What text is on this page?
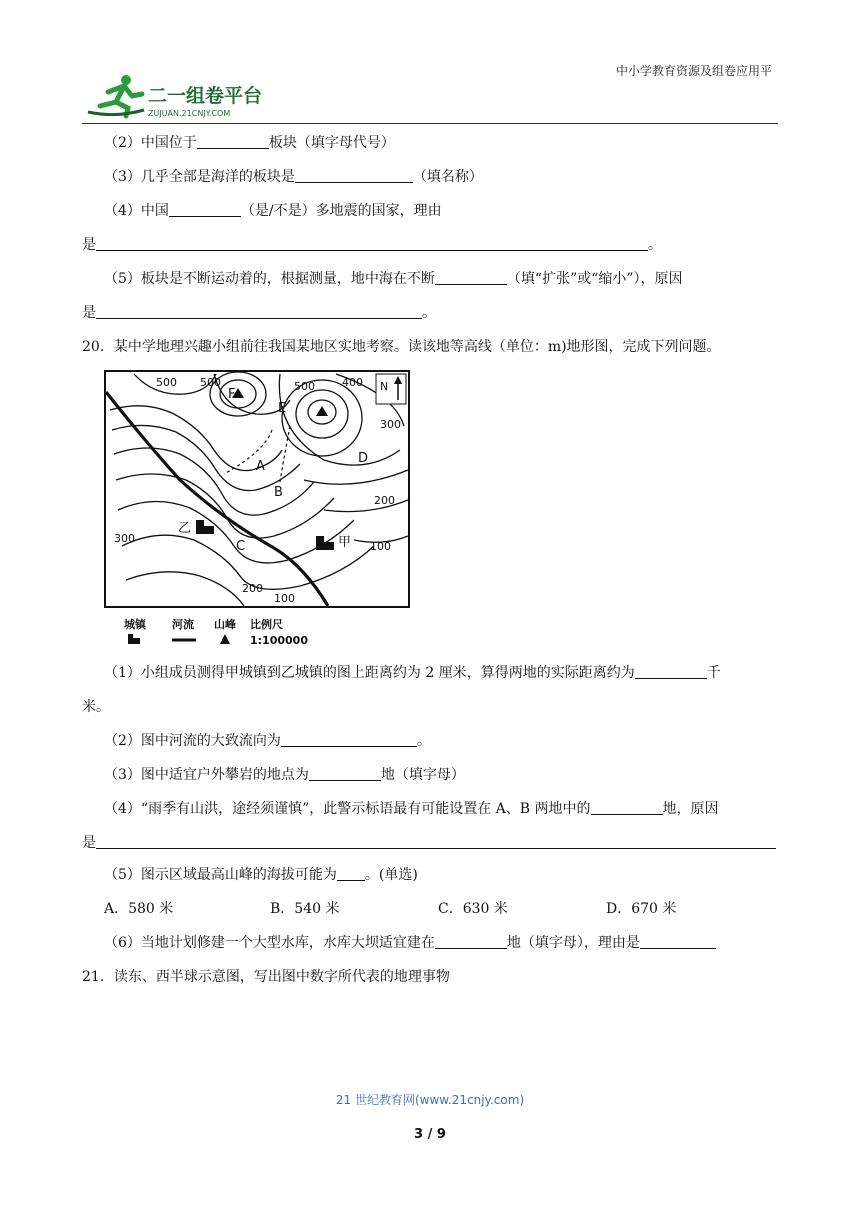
中小学教育资源及组卷应用平
二一组卷平台
ZUJUAN.21CNJY.COM
（2）中国位于	板块（填字母代号）
（3）几乎全部是海洋的板块是	（填名称）
（4）中国	（是/不是）多地震的国家，理由
是	。
（5）板块是不断运动着的，根据测量，地中海在不断	（填“扩张”或“缩小”），原因
是	。
20．某中学地理兴趣小组前往我国某地区实地考察。读该地等高线（单位：m)地形图，完成下列问题。
N
500 500	500 400
300
200
100
300
200
100
F
E
A
B
C
D
乙
甲
城镇 河流 山峰 比例尺
1:100000
（1）小组成员测得甲城镇到乙城镇的图上距离约为 2 厘米，算得两地的实际距离约为	千
米。
（2）图中河流的大致流向为	。
（3）图中适宜户外攀岩的地点为	地（填字母）
（4）“雨季有山洪，途经须谨慎”，此警示标语最有可能设置在 A、B 两地中的	地，原因
是
（5）图示区域最高山峰的海拔可能为 。(单选)
A．580 米	B．540 米	C．630 米	D．670 米
（6）当地计划修建一个大型水库，水库大坝适宜建在	地（填字母），理由是
21．读东、西半球示意图，写出图中数字所代表的地理事物
21 世纪教育网(www.21cnjy.com)
3 / 9
